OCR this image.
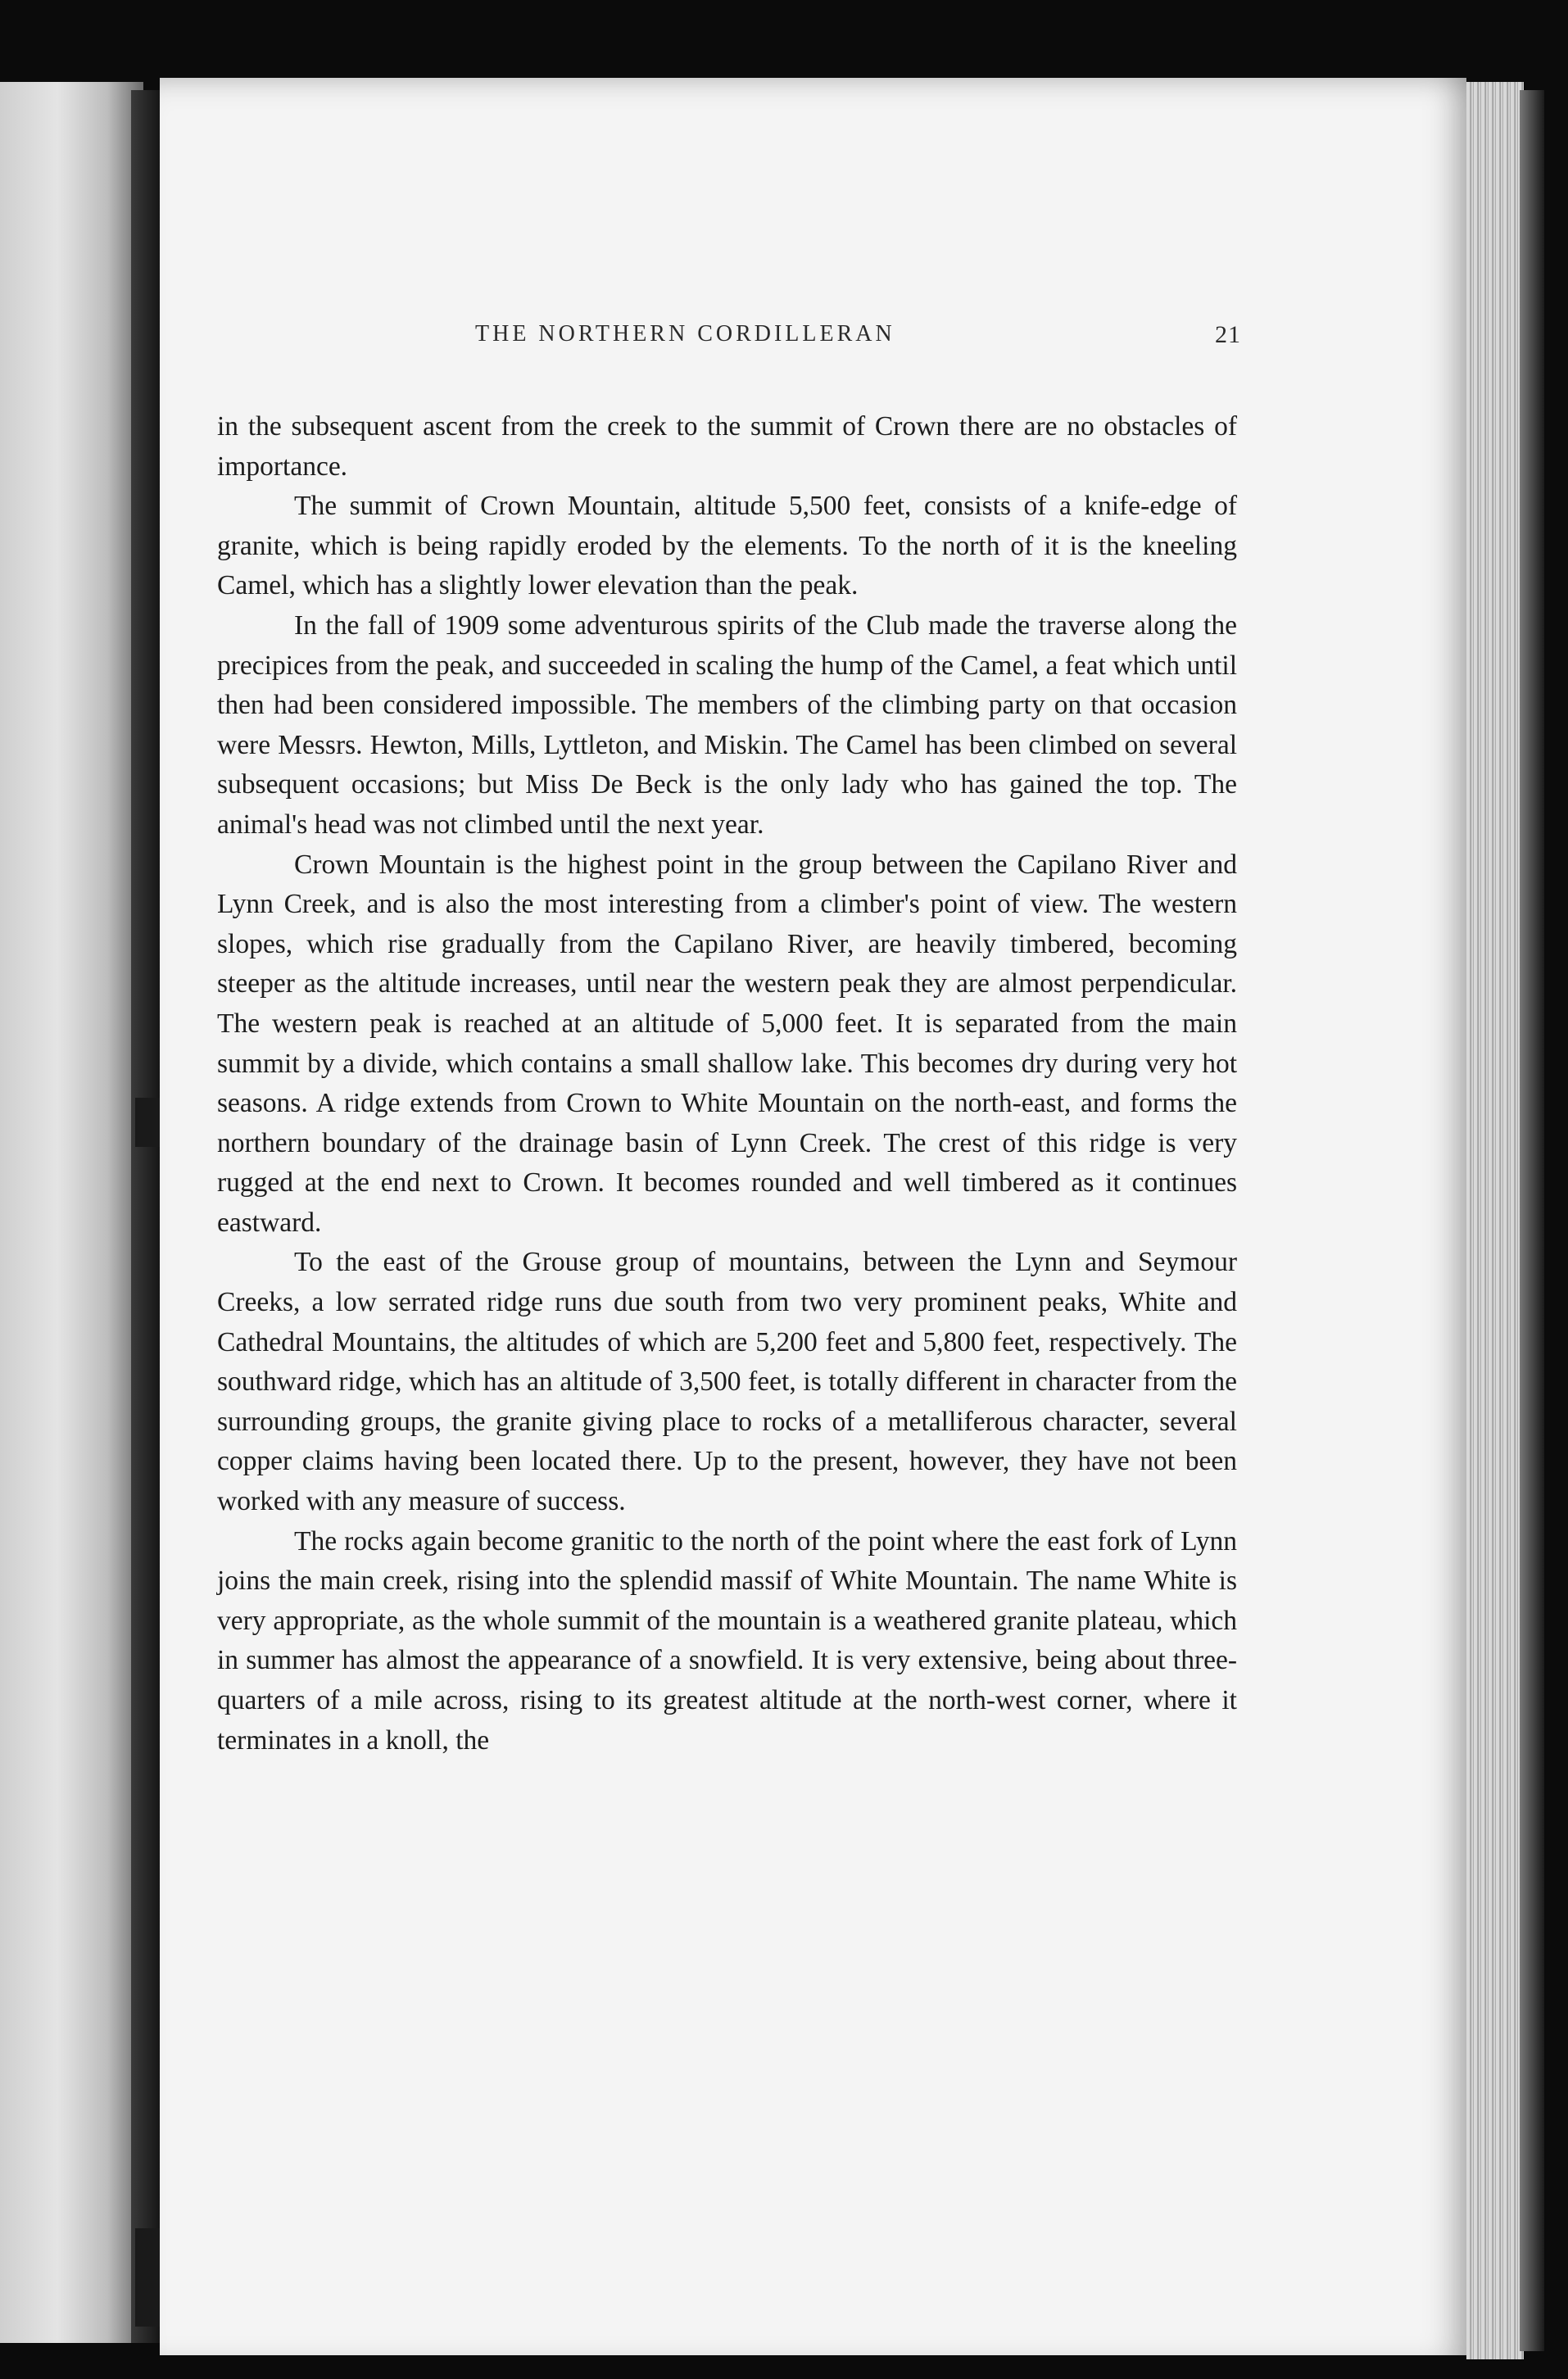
THE NORTHERN CORDILLERAN	21

in the subsequent ascent from the creek to the summit of Crown there are no obstacles of importance.

The summit of Crown Mountain, altitude 5,500 feet, consists of a knife-edge of granite, which is being rapidly eroded by the elements. To the north of it is the kneeling Camel, which has a slightly lower elevation than the peak.

In the fall of 1909 some adventurous spirits of the Club made the traverse along the precipices from the peak, and succeeded in scaling the hump of the Camel, a feat which until then had been considered impossible. The members of the climbing party on that occasion were Messrs. Hewton, Mills, Lyttleton, and Miskin. The Camel has been climbed on several subsequent occasions; but Miss De Beck is the only lady who has gained the top. The animal's head was not climbed until the next year.

Crown Mountain is the highest point in the group between the Capilano River and Lynn Creek, and is also the most interesting from a climber's point of view. The western slopes, which rise gradually from the Capilano River, are heavily timbered, becoming steeper as the altitude increases, until near the western peak they are almost perpendicular. The western peak is reached at an altitude of 5,000 feet. It is separated from the main summit by a divide, which contains a small shallow lake. This becomes dry during very hot seasons. A ridge extends from Crown to White Mountain on the north-east, and forms the northern boundary of the drainage basin of Lynn Creek. The crest of this ridge is very rugged at the end next to Crown. It becomes rounded and well timbered as it continues eastward.

To the east of the Grouse group of mountains, between the Lynn and Seymour Creeks, a low serrated ridge runs due south from two very prominent peaks, White and Cathedral Mountains, the altitudes of which are 5,200 feet and 5,800 feet, respectively. The southward ridge, which has an altitude of 3,500 feet, is totally different in character from the surrounding groups, the granite giving place to rocks of a metalliferous character, several copper claims having been located there. Up to the present, however, they have not been worked with any measure of success.

The rocks again become granitic to the north of the point where the east fork of Lynn joins the main creek, rising into the splendid massif of White Mountain. The name White is very appropriate, as the whole summit of the mountain is a weathered granite plateau, which in summer has almost the appearance of a snowfield. It is very extensive, being about three-quarters of a mile across, rising to its greatest altitude at the north-west corner, where it terminates in a knoll, the
